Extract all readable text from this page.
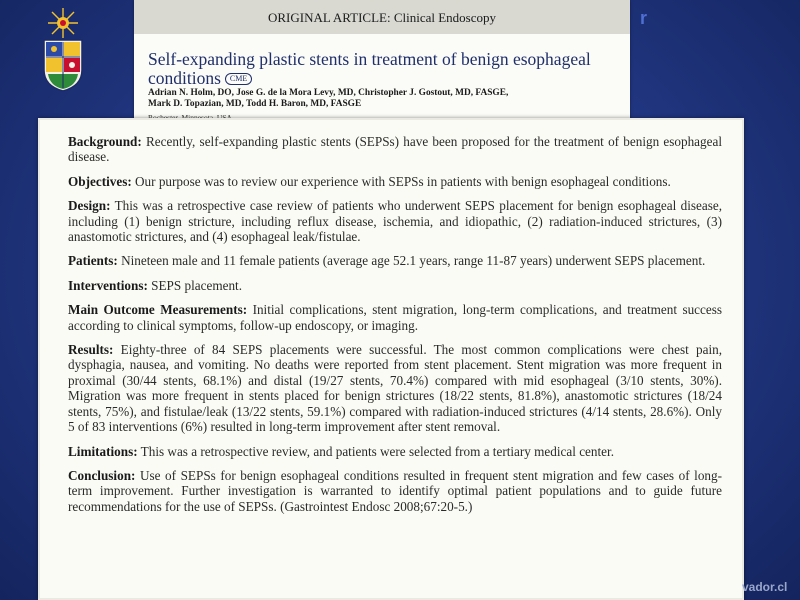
r
ORIGINAL ARTICLE: Clinical Endoscopy
Self-expanding plastic stents in treatment of benign esophageal conditions CME
Adrian N. Holm, DO, Jose G. de la Mora Levy, MD, Christopher J. Gostout, MD, FASGE,
Mark D. Topazian, MD, Todd H. Baron, MD, FASGE

Background: Recently, self-expanding plastic stents (SEPSs) have been proposed for the treatment of benign esophageal disease.

Objectives: Our purpose was to review our experience with SEPSs in patients with benign esophageal conditions.

Design: This was a retrospective case review of patients who underwent SEPS placement for benign esophageal disease, including (1) benign stricture, including reflux disease, ischemia, and idiopathic, (2) radiation-induced strictures, (3) anastomotic strictures, and (4) esophageal leak/fistulae.

Patients: Nineteen male and 11 female patients (average age 52.1 years, range 11-87 years) underwent SEPS placement.

Interventions: SEPS placement.

Main Outcome Measurements: Initial complications, stent migration, long-term complications, and treatment success according to clinical symptoms, follow-up endoscopy, or imaging.

Results: Eighty-three of 84 SEPS placements were successful. The most common complications were chest pain, dysphagia, nausea, and vomiting. No deaths were reported from stent placement. Stent migration was more frequent in proximal (30/44 stents, 68.1%) and distal (19/27 stents, 70.4%) compared with mid esophageal (3/10 stents, 30%). Migration was more frequent in stents placed for benign strictures (18/22 stents, 81.8%), anastomotic strictures (18/24 stents, 75%), and fistulae/leak (13/22 stents, 59.1%) compared with radiation-induced strictures (4/14 stents, 28.6%). Only 5 of 83 interventions (6%) resulted in long-term improvement after stent removal.

Limitations: This was a retrospective review, and patients were selected from a tertiary medical center.

Conclusion: Use of SEPSs for benign esophageal conditions resulted in frequent stent migration and few cases of long-term improvement. Further investigation is warranted to identify optimal patient populations and to guide future recommendations for the use of SEPSs. (Gastrointest Endosc 2008;67:20-5.)

vador.cl
